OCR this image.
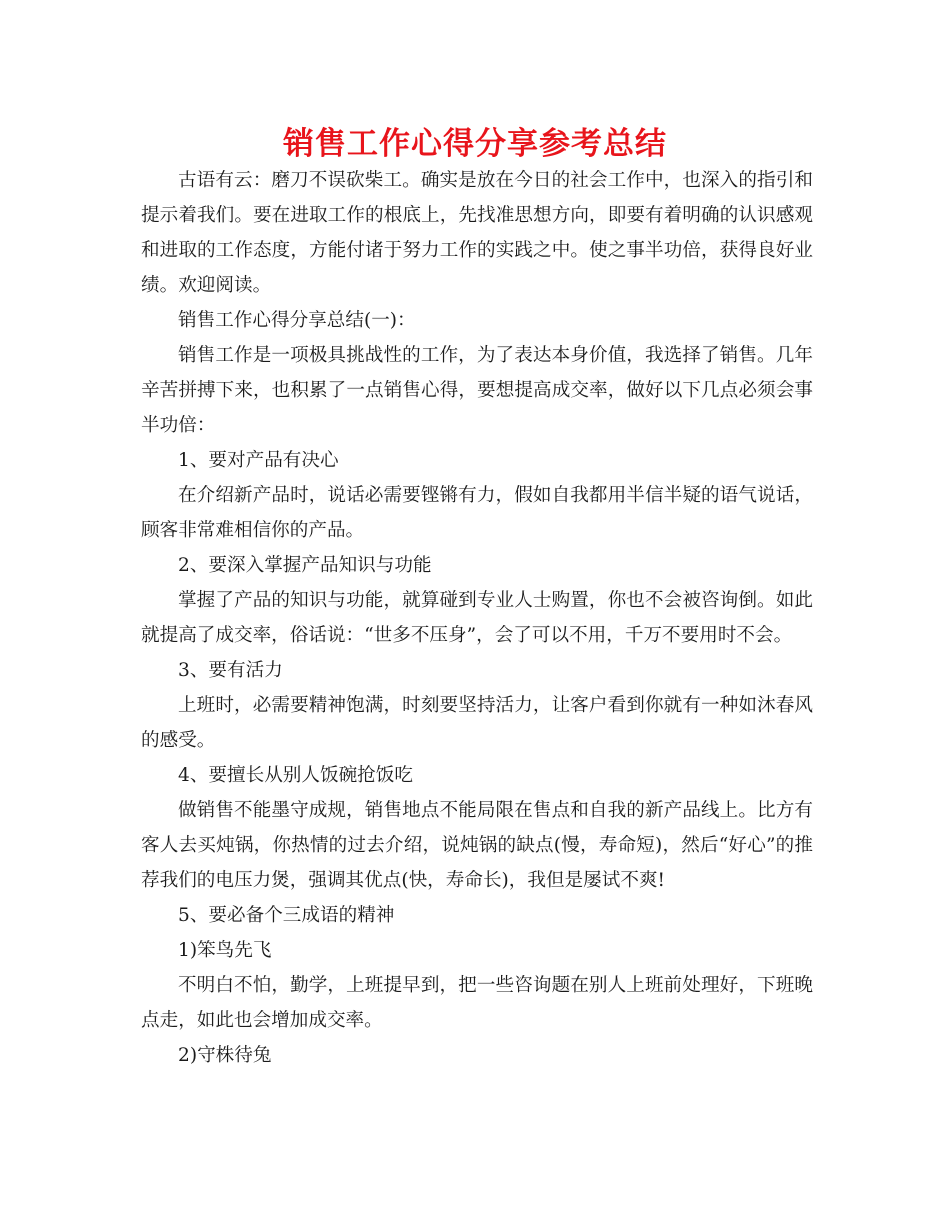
销售工作心得分享参考总结

古语有云：磨刀不误砍柴工。确实是放在今日的社会工作中，也深入的指引和提示着我们。要在进取工作的根底上，先找准思想方向，即要有着明确的认识感观和进取的工作态度，方能付诸于努力工作的实践之中。使之事半功倍，获得良好业绩。欢迎阅读。

销售工作心得分享总结(一)：

销售工作是一项极具挑战性的工作，为了表达本身价值，我选择了销售。几年辛苦拼搏下来，也积累了一点销售心得，要想提高成交率，做好以下几点必须会事半功倍：

1、要对产品有决心

在介绍新产品时，说话必需要铿锵有力，假如自我都用半信半疑的语气说话，顾客非常难相信你的产品。

2、要深入掌握产品知识与功能

掌握了产品的知识与功能，就算碰到专业人士购置，你也不会被咨询倒。如此就提高了成交率，俗话说：“世多不压身”，会了可以不用，千万不要用时不会。

3、要有活力

上班时，必需要精神饱满，时刻要坚持活力，让客户看到你就有一种如沐春风的感受。

4、要擅长从别人饭碗抢饭吃

做销售不能墨守成规，销售地点不能局限在售点和自我的新产品线上。比方有客人去买炖锅，你热情的过去介绍，说炖锅的缺点(慢，寿命短)，然后“好心”的推荐我们的电压力煲，强调其优点(快，寿命长)，我但是屡试不爽!

5、要必备个三成语的精神

1)笨鸟先飞

不明白不怕，勤学，上班提早到，把一些咨询题在别人上班前处理好，下班晚点走，如此也会增加成交率。

2)守株待兔
